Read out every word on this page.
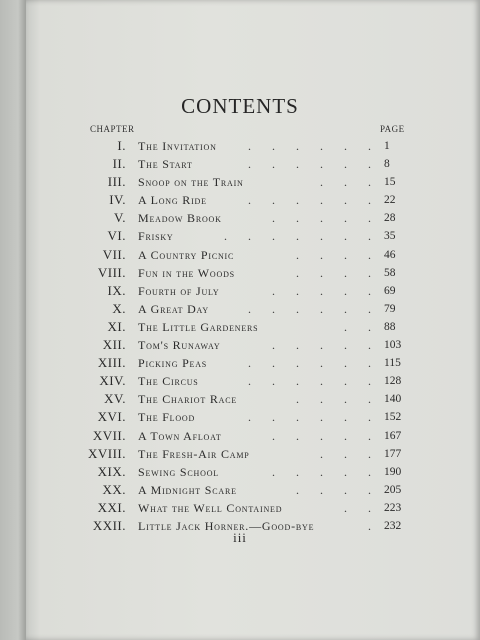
CONTENTS
CHAPTER	PAGE
I. The Invitation	. . . . . . 1
II. The Start	. . . . . . 8
III. Snoop on the Train	. . . 15
IV. A Long Ride	. . . . . . 22
V. Meadow Brook	. . . . . 28
VI. Frisky	. . . . . . . 35
VII. A Country Picnic	. . . . 46
VIII. Fun in the Woods	. . . . 58
IX. Fourth of July	. . . . . 69
X. A Great Day	. . . . . . 79
XI. The Little Gardeners	. . 88
XII. Tom's Runaway	. . . . . 103
XIII. Picking Peas	. . . . . . 115
XIV. The Circus	. . . . . . 128
XV. The Chariot Race	. . . . 140
XVI. The Flood	. . . . . . 152
XVII. A Town Afloat	. . . . . 167
XVIII. The Fresh-Air Camp	. . . 177
XIX. Sewing School	. . . . . 190
XX. A Midnight Scare	. . . . 205
XXI. What the Well Contained	. . 223
XXII. Little Jack Horner.—Good-bye	. 232
iii
